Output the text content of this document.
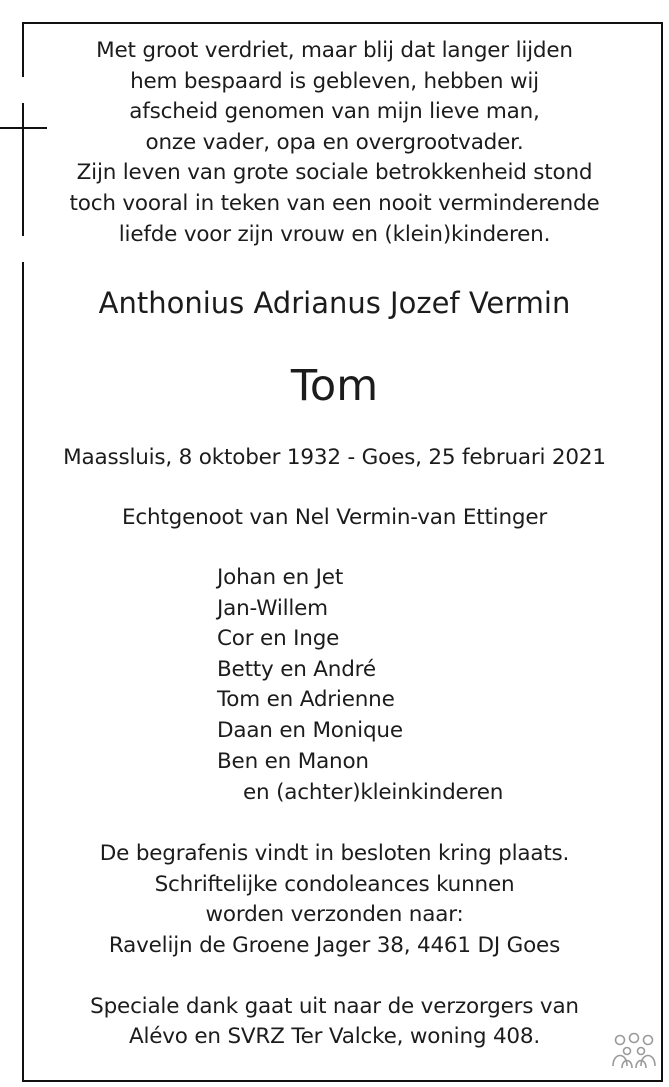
Met groot verdriet, maar blij dat langer lijden
hem bespaard is gebleven, hebben wij
afscheid genomen van mijn lieve man,
onze vader, opa en overgrootvader.
Zijn leven van grote sociale betrokkenheid stond
toch vooral in teken van een nooit verminderende
liefde voor zijn vrouw en (klein)kinderen.
Anthonius Adrianus Jozef Vermin
Tom
Maassluis, 8 oktober 1932 - Goes, 25 februari 2021
Echtgenoot van Nel Vermin-van Ettinger
Johan en Jet
Jan-Willem
Cor en Inge
Betty en André
Tom en Adrienne
Daan en Monique
Ben en Manon
en (achter)kleinkinderen
De begrafenis vindt in besloten kring plaats.
Schriftelijke condoleances kunnen
worden verzonden naar:
Ravelijn de Groene Jager 38, 4461 DJ Goes
Speciale dank gaat uit naar de verzorgers van
Alévo en SVRZ Ter Valcke, woning 408.
